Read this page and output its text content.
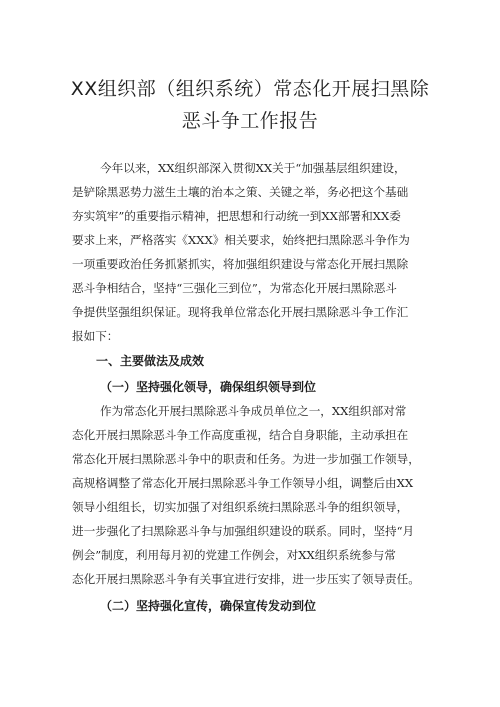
XX组织部（组织系统）常态化开展扫黑除
恶斗争工作报告
今年以来，XX组织部深入贯彻XX关于“加强基层组织建设，
是铲除黑恶势力滋生土壤的治本之策、关键之举，务必把这个基础
夯实筑牢”的重要指示精神，把思想和行动统一到XX部署和XX委
要求上来，严格落实《XXX》相关要求，始终把扫黑除恶斗争作为
一项重要政治任务抓紧抓实，将加强组织建设与常态化开展扫黑除
恶斗争相结合，坚持“三强化三到位”，为常态化开展扫黑除恶斗
争提供坚强组织保证。现将我单位常态化开展扫黑除恶斗争工作汇
报如下：
一、主要做法及成效
（一）坚持强化领导，确保组织领导到位
作为常态化开展扫黑除恶斗争成员单位之一，XX组织部对常
态化开展扫黑除恶斗争工作高度重视，结合自身职能，主动承担在
常态化开展扫黑除恶斗争中的职责和任务。为进一步加强工作领导，
高规格调整了常态化开展扫黑除恶斗争工作领导小组，调整后由XX
领导小组组长，切实加强了对组织系统扫黑除恶斗争的组织领导，
进一步强化了扫黑除恶斗争与加强组织建设的联系。同时，坚持“月
例会”制度，利用每月初的党建工作例会，对XX组织系统参与常
态化开展扫黑除恶斗争有关事宜进行安排，进一步压实了领导责任。
（二）坚持强化宣传，确保宣传发动到位
